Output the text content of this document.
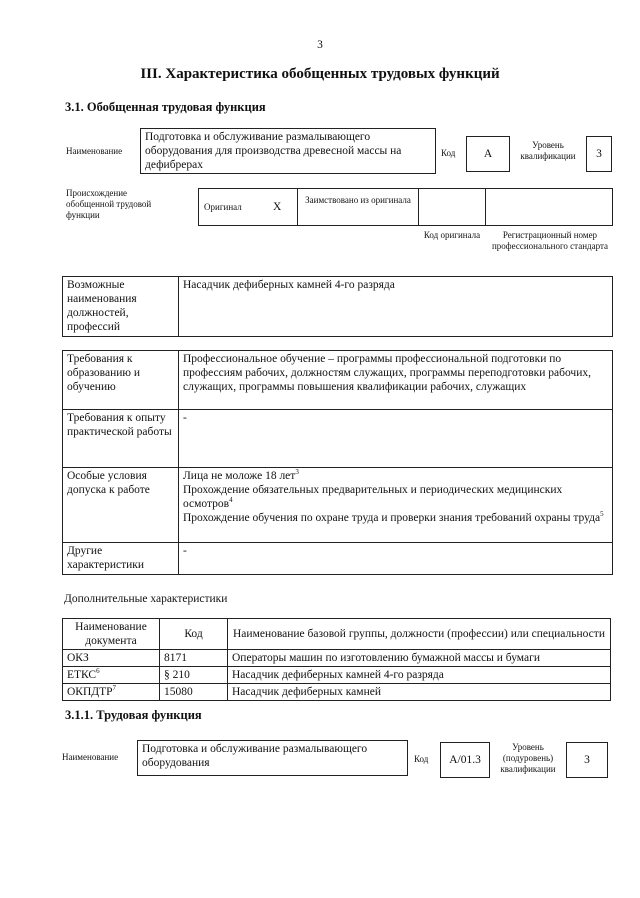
3
III. Характеристика обобщенных трудовых функций
3.1. Обобщенная трудовая функция
Наименование
Подготовка и обслуживание размалывающего оборудования для производства древесной массы на дефибрерах
Код	А
Уровень квалификации	3
Происхождение обобщенной трудовой функции
Оригинал	Х
Заимствовано из оригинала
Код оригинала	Регистрационный номер профессионального стандарта
Возможные наименования должностей, профессий	Насадчик дефиберных камней 4-го разряда
Требования к образованию и обучению	Профессиональное обучение – программы профессиональной подготовки по профессиям рабочих, должностям служащих, программы переподготовки рабочих, служащих, программы повышения квалификации рабочих, служащих
Требования к опыту практической работы	-
Особые условия допуска к работе	Лица не моложе 18 лет$^3$
Прохождение обязательных предварительных и периодических медицинских осмотров$^4$
Прохождение обучения по охране труда и проверки знания требований охраны труда$^5$

Другие характеристики	-
Дополнительные характеристики
Наименование документа	Код	Наименование базовой группы, должности (профессии) или специальности
ОКЗ	8171	Операторы машин по изготовлению бумажной массы и бумаги
ЕТКС$^6$	§ 210	Насадчик дефиберных камней 4-го разряда
ОКПДТР$^7$	15080	Насадчик дефиберных камней
3.1.1. Трудовая функция
Наименование
Подготовка и обслуживание размалывающего оборудования	Код	А/01.3
Уровень (подуровень) квалификации
3
